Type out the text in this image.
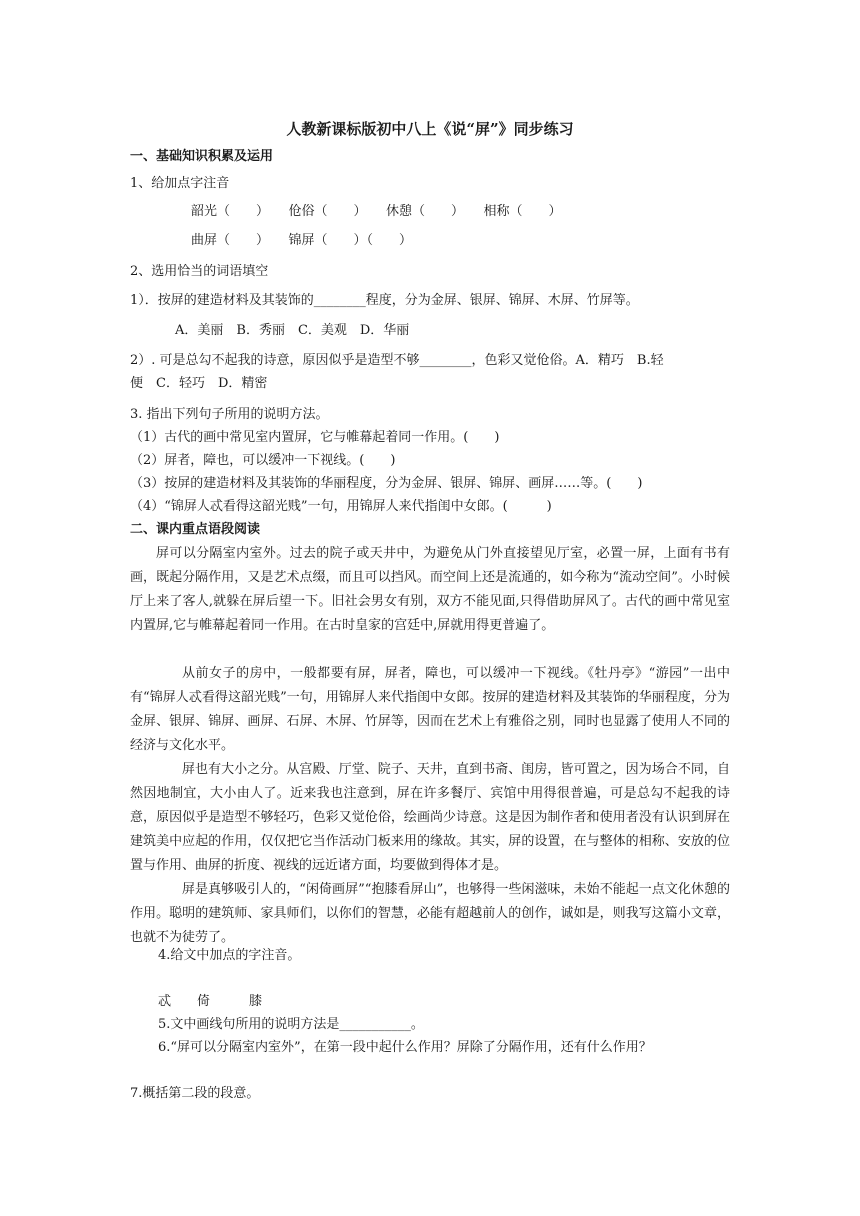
人教新课标版初中八上《说“屏”》同步练习
一、基础知识积累及运用
1、给加点字注音
韶光（　　）　　伧俗（　　）　　休憩（　　）　　相称（　　）
曲屏（　　）　　锦屏（　　）（　　）
2、选用恰当的词语填空
1）．按屏的建造材料及其装饰的________程度，分为金屏、银屏、锦屏、木屏、竹屏等。
A．美丽　B．秀丽　C．美观　D．华丽
2）. 可是总勾不起我的诗意，原因似乎是造型不够________，色彩又觉伧俗。A．精巧　B.轻
便　C．轻巧　D．精密
3. 指出下列句子所用的说明方法。
（1）古代的画中常见室内置屏，它与帷幕起着同一作用。(　　)
（2）屏者，障也，可以缓冲一下视线。(　　)
（3）按屏的建造材料及其装饰的华丽程度，分为金屏、银屏、锦屏、画屏……等。(　　)
（4）“锦屏人忒看得这韶光贱”一句，用锦屏人来代指闺中女郎。(　　　)
二、课内重点语段阅读
屏可以分隔室内室外。过去的院子或天井中，为避免从门外直接望见厅室，必置一屏，上面有书有画，既起分隔作用，又是艺术点缀，而且可以挡风。而空间上还是流通的，如今称为“流动空间”。小时候厅上来了客人,就躲在屏后望一下。旧社会男女有别，双方不能见面,只得借助屏风了。古代的画中常见室内置屏,它与帷幕起着同一作用。在古时皇家的宫廷中,屏就用得更普遍了。
从前女子的房中，一般都要有屏，屏者，障也，可以缓冲一下视线。《牡丹亭》“游园”一出中有“锦屏人忒看得这韶光贱”一句，用锦屏人来代指闺中女郎。按屏的建造材料及其装饰的华丽程度，分为金屏、银屏、锦屏、画屏、石屏、木屏、竹屏等，因而在艺术上有雅俗之别，同时也显露了使用人不同的经济与文化水平。
屏也有大小之分。从宫殿、厅堂、院子、天井，直到书斋、闺房，皆可置之，因为场合不同，自然因地制宜，大小由人了。近来我也注意到，屏在许多餐厅、宾馆中用得很普遍，可是总勾不起我的诗意，原因似乎是造型不够轻巧，色彩又觉伧俗，绘画尚少诗意。这是因为制作者和使用者没有认识到屏在建筑美中应起的作用，仅仅把它当作活动门板来用的缘故。其实，屏的设置，在与整体的相称、安放的位置与作用、曲屏的折度、视线的远近诸方面，均要做到得体才是。
屏是真够吸引人的，“闲倚画屏”“抱膝看屏山”，也够得一些闲滋味，未始不能起一点文化休憩的作用。聪明的建筑师、家具师们，以你们的智慧，必能有超越前人的创作，诚如是，则我写这篇小文章，也就不为徒劳了。
4.给文中加点的字注音。
忒　　倚　　　膝
5.文中画线句所用的说明方法是___________。
6.“屏可以分隔室内室外”，在第一段中起什么作用？屏除了分隔作用，还有什么作用？
7.概括第二段的段意。
